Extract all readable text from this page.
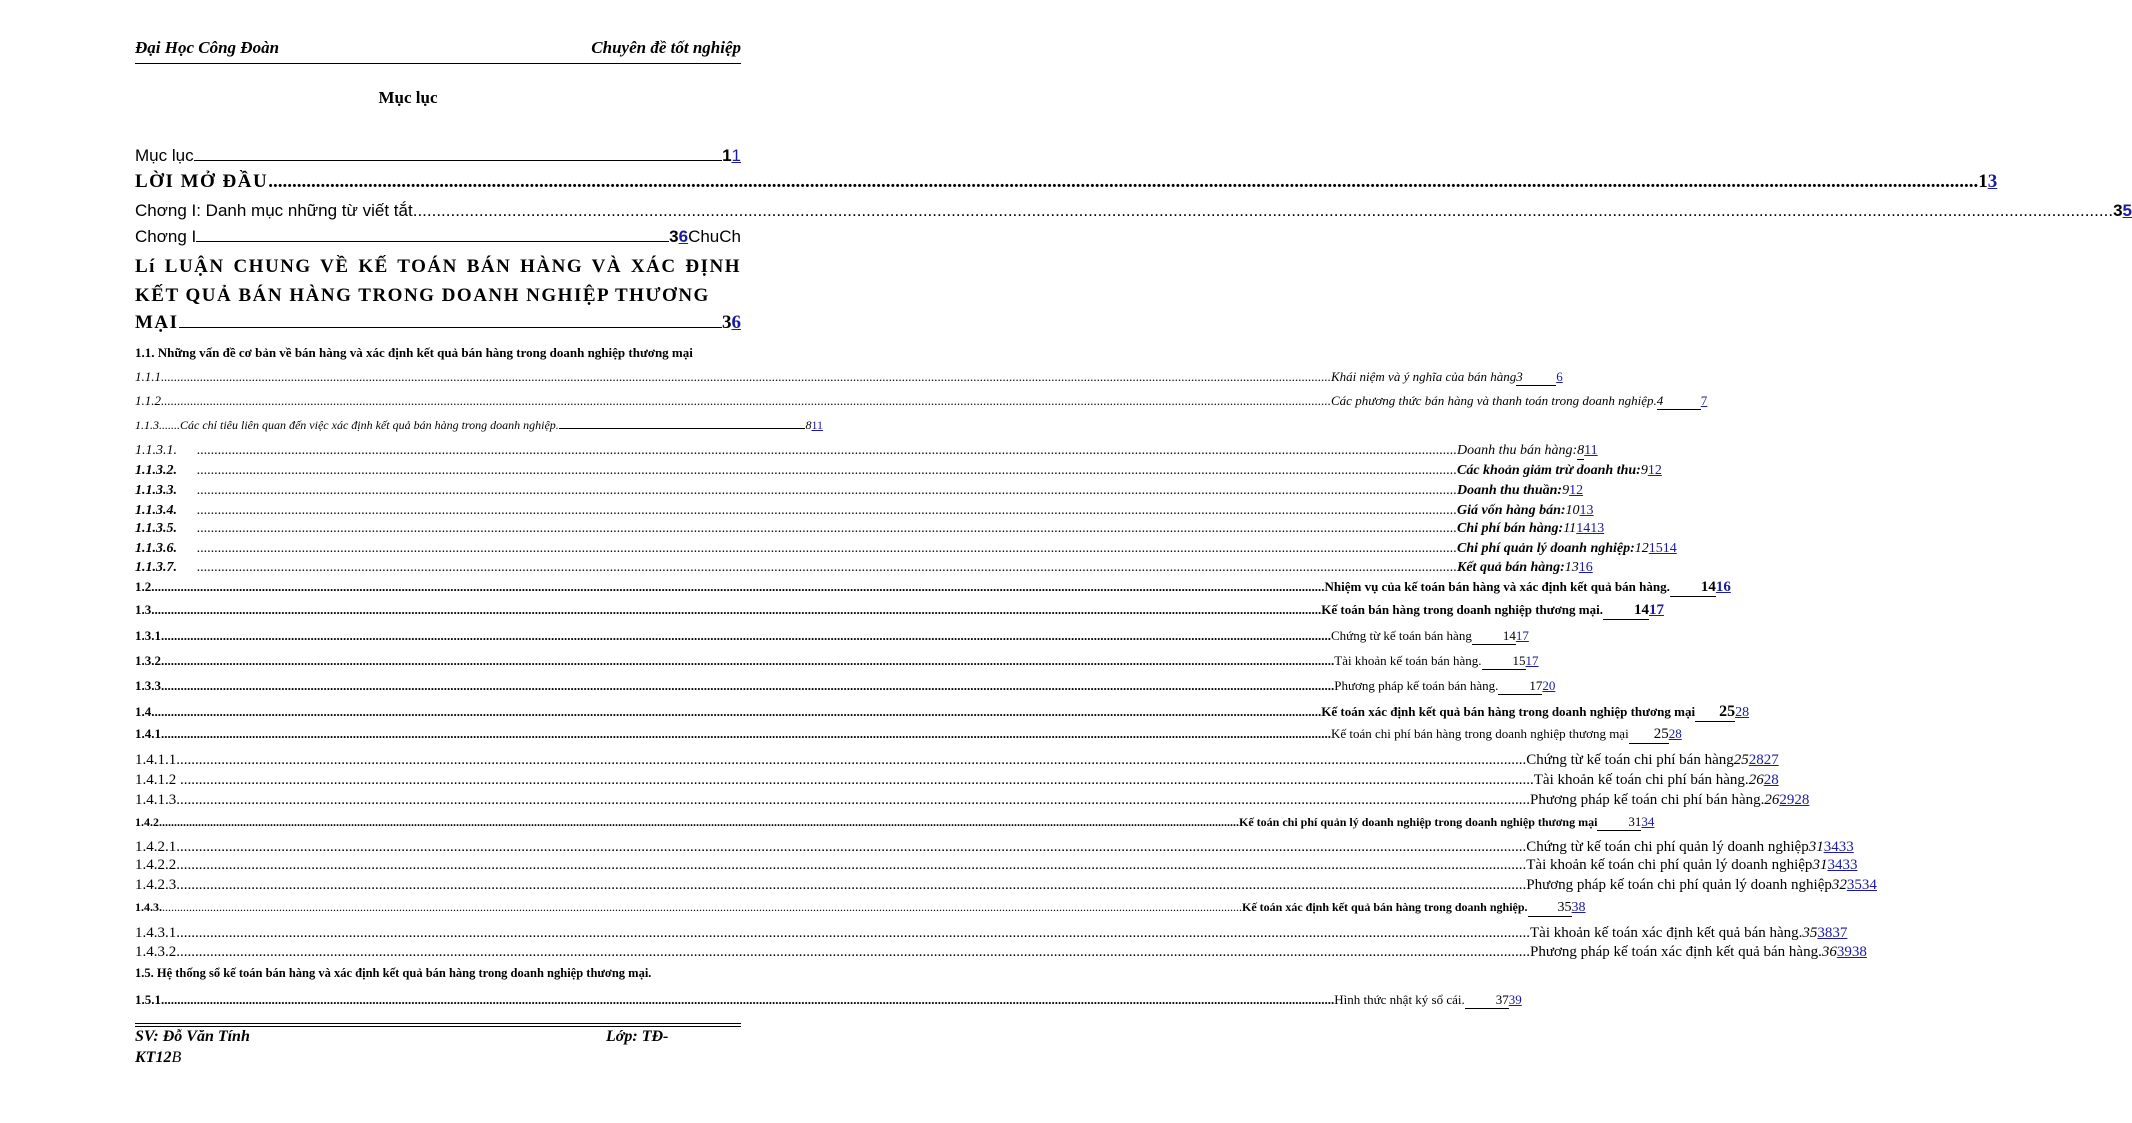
Đại Học Công Đoàn	Chuyên đề tốt nghiệp
Mục lục
Mục lục	1 1
LỜI MỞ ĐẦU .....	1 3
Chơng I: Danh mục những từ viết tắt .....	3 5
Chơng I	3 6 ChuCh
Lí LUẬN CHUNG VỀ KẾ TOÁN BÁN HÀNG VÀ XÁC ĐỊNH KẾT QUẢ BÁN HÀNG TRONG DOANH NGHIỆP THƯƠNG
MẠI	3 6
1.1. Những vấn đề cơ bản về bán hàng và xác định kết quả bán hàng trong doanh nghiệp thương mại
1.1.1 .....	Khái niệm và ý nghĩa của bán hàng 3	6
1.1.2 .....	Các phương thức bán hàng và thanh toán trong doanh nghiệp. 4	7
1.1.3. ......Các chỉ tiêu liên quan đến việc xác định kết quả bán hàng trong doanh nghiệp.	8 11
1.1.3.1. .....	Doanh thu bán hàng: 8 11
1.1.3.2. .....	Các khoản giảm trừ doanh thu: 9 12
1.1.3.3. .....	Doanh thu thuần: 9 12
1.1.3.4. .....	Giá vốn hàng bán: 10 13
1.1.3.5. .....	Chi phí bán hàng: 11 1413
1.1.3.6. .....	Chi phí quản lý doanh nghiệp: 12 1514
1.1.3.7. .....	Kết quả bán hàng: 13 16
1.2. .....	Nhiệm vụ của kế toán bán hàng và xác định kết quả bán hàng.	14 16
1.3 .....	Kế toán bán hàng trong doanh nghiệp thương mại.	14 17
1.3.1 .....	Chứng từ kế toán bán hàng	14 17
1.3.2. .....	Tài khoản kế toán bán hàng.	15 17
1.3.3. .....	Phương pháp kế toán bán hàng.	17 20
1.4 .....	Kế toán xác định kết quả bán hàng trong doanh nghiệp thương mại	25 28
1.4.1 .....	Kế toán chi phí bán hàng trong doanh nghiệp thương mại	25 28
1.4.1.1 .....	Chứng từ kế toán chi phí bán hàng 25 2827
1.4.1.2 . .....	Tài khoản kế toán chi phí bán hàng. 26 28
1.4.1.3. .....	Phương pháp kế toán chi phí bán hàng. 26 2928
1.4.2 .....	Kế toán chi phí quản lý doanh nghiệp trong doanh nghiệp thương mại	31 34
1.4.2.1 .....	Chứng từ kế toán chi phí quản lý doanh nghiệp 31 3433
1.4.2.2 .....	Tài khoản kế toán chi phí quản lý doanh nghiệp 31 3433
1.4.2.3 .....	Phương pháp kế toán chi phí quản lý doanh nghiệp 32 3534
1.4.3. .....	Kế toán xác định kết quả bán hàng trong doanh nghiệp.	35 38
1.4.3.1. .....	Tài khoản kế toán xác định kết quả bán hàng. 35 3837
1.4.3.2. .....	Phương pháp kế toán xác định kết quả bán hàng. 36 3938
1.5. Hệ thống sổ kế toán bán hàng và xác định kết quả bán hàng trong doanh nghiệp thương mại.
1.5.1. .....	Hình thức nhật ký sổ cái.	37 39
SV: Đỗ Văn Tính	Lớp: TĐ-
KT12B
